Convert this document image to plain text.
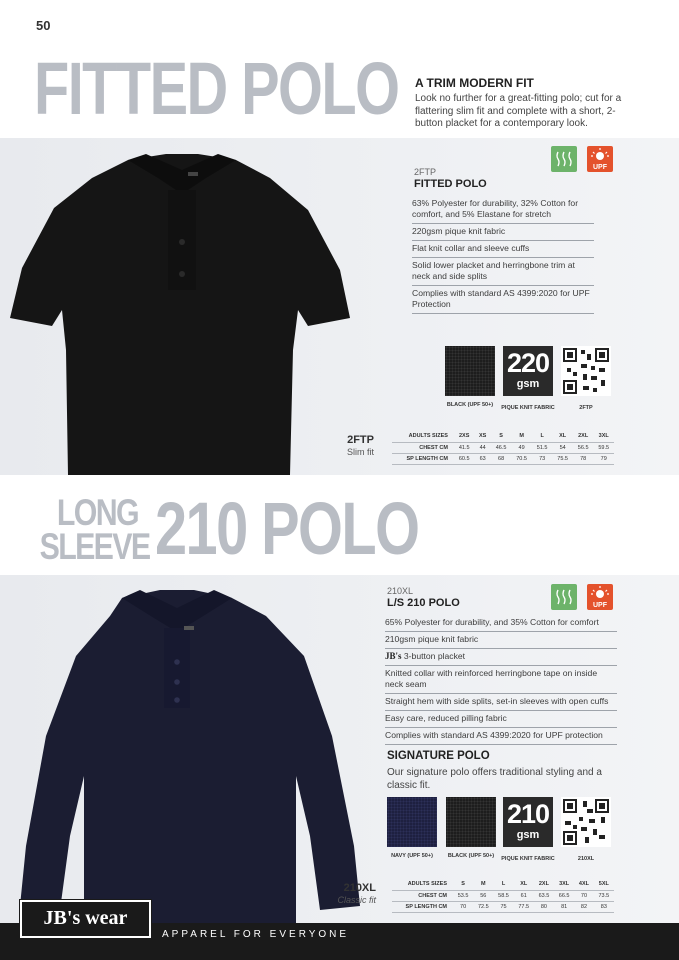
50
FITTED POLO A TRIM MODERN FIT
Look no further for a great-fitting polo; cut for a flattering slim fit and complete with a short, 2-button placket for a contemporary look.
UPF
2FTP
FITTED POLO
63% Polyester for durability, 32% Cotton for comfort, and 5% Elastane for stretch
220gsm pique knit fabric
Flat knit collar and sleeve cuffs
Solid lower placket and herringbone trim at neck and side splits
Complies with standard AS 4399:2020 for UPF Protection
220
gsm
BLACK (UPF 50+)	PIQUE KNIT FABRIC	2FTP
2FTP
Slim fit
ADULTS SIZES	2XS	XS	S	M	L	XL	2XL	3XL
CHEST CM	41.5	44	46.5	49	51.5	54	56.5	59.5
SP LENGTH CM	60.5	63	68	70.5	73	75.5	78	79
LONG
SLEEVE 210 POLO
UPF
210XL
L/S 210 POLO
65% Polyester for durability, and 35% Cotton for comfort
210gsm pique knit fabric
JB's 3-button placket
Knitted collar with reinforced herringbone tape on inside neck seam
Straight hem with side splits, set-in sleeves with open cuffs
Easy care, reduced pilling fabric
Complies with standard AS 4399:2020 for UPF protection
SIGNATURE POLO
Our signature polo offers traditional styling and a classic fit.
210
gsm
NAVY (UPF 50+)	BLACK (UPF 50+)	PIQUE KNIT FABRIC	210XL
210XL
Classic fit
ADULTS SIZES	S	M	L	XL	2XL	3XL	4XL	5XL
CHEST CM	53.5	56	58.5	61	63.5	66.5	70	73.5
SP LENGTH CM	70	72.5	75	77.5	80	81	82	83
JB's wear
APPAREL FOR EVERYONE
